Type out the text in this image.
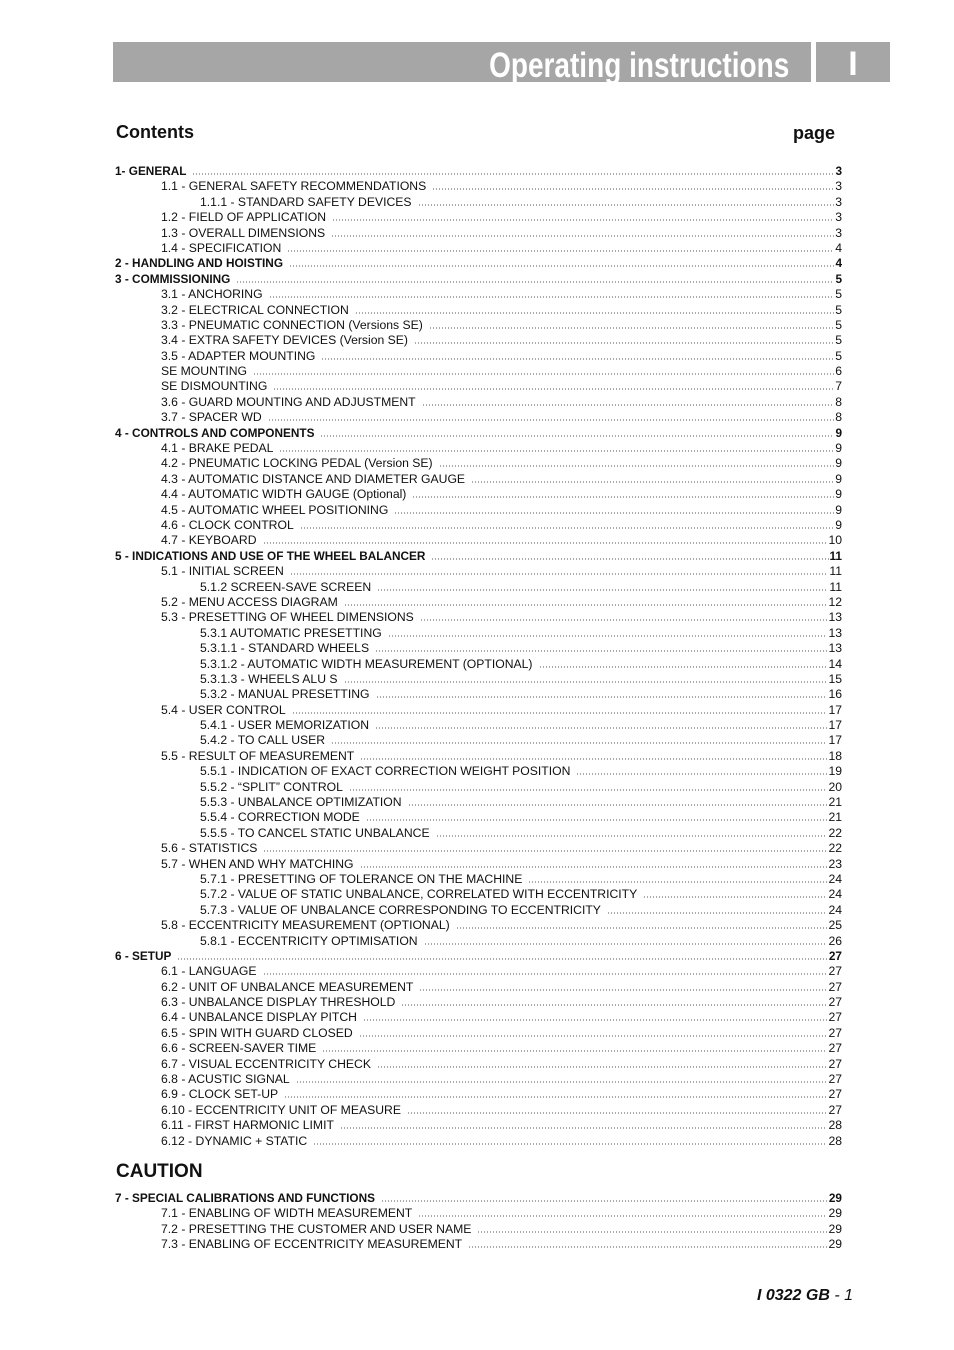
Operating instructions	I
Contents	page
1- GENERAL	3
1.1 - GENERAL SAFETY RECOMMENDATIONS	3
1.1.1 - STANDARD SAFETY DEVICES	3
1.2 - FIELD OF APPLICATION	3
1.3 - OVERALL DIMENSIONS	3
1.4 - SPECIFICATION	4
2 - HANDLING AND HOISTING	4
3 - COMMISSIONING	5
3.1 - ANCHORING	5
3.2 - ELECTRICAL CONNECTION	5
3.3 - PNEUMATIC CONNECTION (Versions SE)	5
3.4 - EXTRA SAFETY DEVICES (Version SE)	5
3.5 - ADAPTER MOUNTING	5
SE MOUNTING	6
SE DISMOUNTING	7
3.6 - GUARD MOUNTING AND ADJUSTMENT	8
3.7 - SPACER WD	8
4 - CONTROLS AND COMPONENTS	9
4.1 - BRAKE PEDAL	9
4.2 - PNEUMATIC LOCKING PEDAL (Version SE)	9
4.3 - AUTOMATIC DISTANCE AND DIAMETER GAUGE	9
4.4 - AUTOMATIC WIDTH GAUGE (Optional)	9
4.5 - AUTOMATIC WHEEL POSITIONING	9
4.6 - CLOCK CONTROL	9
4.7 - KEYBOARD	10
5 - INDICATIONS AND USE OF THE WHEEL BALANCER	11
5.1 - INITIAL SCREEN	11
5.1.2 SCREEN-SAVE SCREEN	11
5.2 - MENU ACCESS DIAGRAM	12
5.3 - PRESETTING OF WHEEL DIMENSIONS	13
5.3.1 AUTOMATIC PRESETTING	13
5.3.1.1 - STANDARD WHEELS	13
5.3.1.2 - AUTOMATIC WIDTH MEASUREMENT (OPTIONAL)	14
5.3.1.3 - WHEELS ALU S	15
5.3.2 - MANUAL PRESETTING	16
5.4 - USER CONTROL	17
5.4.1 - USER MEMORIZATION	17
5.4.2 - TO CALL USER	17
5.5 - RESULT OF MEASUREMENT	18
5.5.1 - INDICATION OF EXACT CORRECTION WEIGHT POSITION	19
5.5.2 - “SPLIT” CONTROL	20
5.5.3 - UNBALANCE OPTIMIZATION	21
5.5.4 - CORRECTION MODE	21
5.5.5 - TO CANCEL STATIC UNBALANCE	22
5.6 - STATISTICS	22
5.7 - WHEN AND WHY MATCHING	23
5.7.1 - PRESETTING OF TOLERANCE ON THE MACHINE	24
5.7.2 - VALUE OF STATIC UNBALANCE, CORRELATED WITH ECCENTRICITY	24
5.7.3 - VALUE OF UNBALANCE CORRESPONDING TO ECCENTRICITY	24
5.8 - ECCENTRICITY MEASUREMENT (OPTIONAL)	25
5.8.1 - ECCENTRICITY OPTIMISATION	26
6 - SETUP	27
6.1 - LANGUAGE	27
6.2 - UNIT OF UNBALANCE MEASUREMENT	27
6.3 - UNBALANCE DISPLAY THRESHOLD	27
6.4 - UNBALANCE DISPLAY PITCH	27
6.5 - SPIN WITH GUARD CLOSED	27
6.6 - SCREEN-SAVER TIME	27
6.7 - VISUAL ECCENTRICITY CHECK	27
6.8 - ACUSTIC SIGNAL	27
6.9 - CLOCK SET-UP	27
6.10 - ECCENTRICITY UNIT OF MEASURE	27
6.11 - FIRST HARMONIC LIMIT	28
6.12 - DYNAMIC + STATIC	28
CAUTION
7 - SPECIAL CALIBRATIONS AND FUNCTIONS	29
7.1 - ENABLING OF WIDTH MEASUREMENT	29
7.2 - PRESETTING THE CUSTOMER AND USER NAME	29
7.3 - ENABLING OF ECCENTRICITY MEASUREMENT	29
I 0322 GB - 1
